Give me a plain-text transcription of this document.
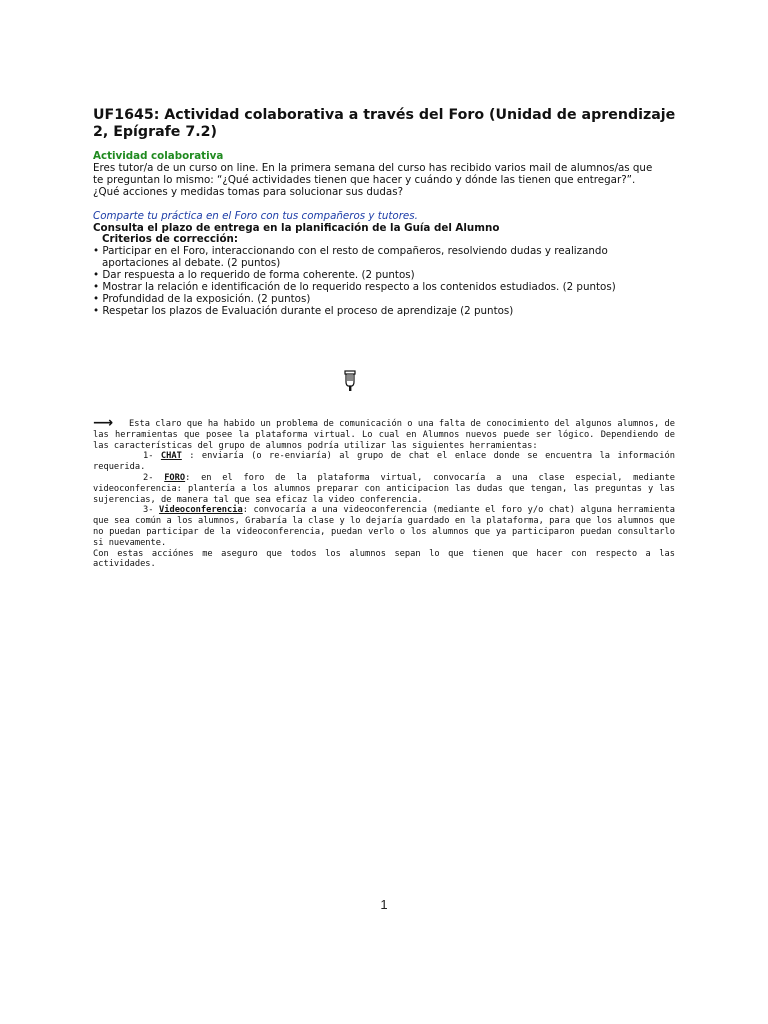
UF1645: Actividad colaborativa a través del Foro (Unidad de aprendizaje 2, Epígrafe 7.2)
Actividad colaborativa
Eres tutor/a de un curso on line. En la primera semana del curso has recibido varios mail de alumnos/as que
te preguntan lo mismo: “¿Qué actividades tienen que hacer y cuándo y dónde las tienen que entregar?”.
¿Qué acciones y medidas tomas para solucionar sus dudas?
Comparte tu práctica en el Foro con tus compañeros y tutores.
Consulta el plazo de entrega en la planificación de la Guía del Alumno
Criterios de corrección:
• Participar en el Foro, interaccionando con el resto de compañeros, resolviendo dudas y realizando
aportaciones al debate. (2 puntos)
• Dar respuesta a lo requerido de forma coherente. (2 puntos)
• Mostrar la relación e identificación de lo requerido respecto a los contenidos estudiados. (2 puntos)
• Profundidad de la exposición. (2 puntos)
• Respetar los plazos de Evaluación durante el proceso de aprendizaje (2 puntos)

⟶ Esta claro que ha habido un problema de comunicación o una falta de conocimiento del algunos alumnos, de las herramientas que posee la plataforma virtual. Lo cual en Alumnos nuevos puede ser lógico. Dependiendo de las características del grupo de alumnos podría utilizar las siguientes herramientas:

1- CHAT : enviaría (o re-enviaría) al grupo de chat el enlace donde se encuentra la información requerida.

2- FORO: en el foro de la plataforma virtual, convocaría a una clase especial, mediante videoconferencia: plantería a los alumnos preparar con anticipacion las dudas que tengan, las preguntas y las sujerencias, de manera tal que sea eficaz la video conferencia.

3- Videoconferencia: convocaría a una videoconferencia (mediante el foro y/o chat) alguna herramienta que sea común a los alumnos, Grabaría la clase y lo dejaría guardado en la plataforma, para que los alumnos que no puedan participar de la videoconferencia, puedan verlo o los alumnos que ya participaron puedan consultarlo si nuevamente.

Con estas acciónes me aseguro que todos los alumnos sepan lo que tienen que hacer con respecto a las actividades.

1
